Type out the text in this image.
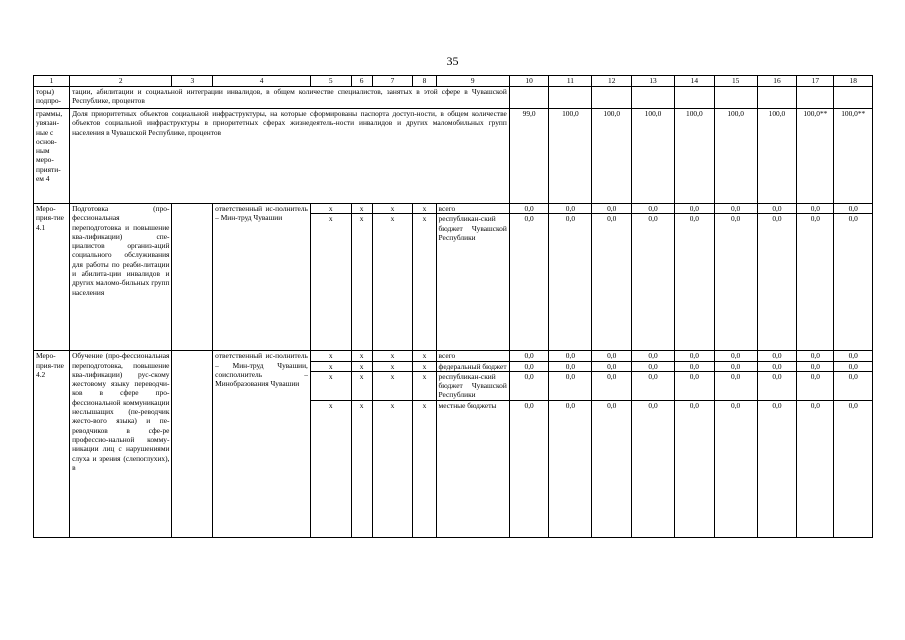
35
1	2	3	4	5	6	7	8	9	10	11	12	13	14	15	16	17	18
торы) подпро-	тации, абилитации и социальной интеграции инвалидов, в общем количестве специалистов, занятых в этой сфере в Чувашской Республике, процентов																
граммы, увязан-ные с основ-ным меро-прияти-ем 4	Доля приоритетных объектов социальной инфраструктуры, на которые сформированы паспорта доступ-ности, в общем количестве объектов социальной инфраструктуры в приоритетных сферах жизнедеятель-ности инвалидов и других маломобильных групп населения в Чувашской Республике, процентов								99,0	100,0	100,0	100,0	100,0	100,0	100,0	100,0**	100,0**
Меро-прия-тие 4.1	Подготовка (про-фессиональная переподготовка и повышение ква-лификации) спе-циалистов организ-аций социального обслуживания для работы по реаби-литации и абилита-ции инвалидов и других маломо-бильных групп населения		ответственный ис-полнитель – Мин-труд Чувашии	x	x	x	x	всего	0,0	0,0	0,0	0,0	0,0	0,0	0,0	0,0	0,0
				x	x	x	x	республикан-ский бюджет Чувашской Республики	0,0	0,0	0,0	0,0	0,0	0,0	0,0	0,0	0,0
Меро-прия-тие 4.2	Обучение (про-фессиональная переподготовка, повышение ква-лификации) рус-скому жестовому языку переводчи-ков в сфере про-фессиональной коммуникации неслышащих (пе-реводчик жесто-вого языка) и пе-реводчиков в сфе-ре профессио-нальной комму-никации лиц с нарушениями слуха и зрения (слепоглухих), в		ответственный ис-полнитель – Мин-труд Чувашии, соисполнитель – Минобразования Чувашии	x	x	x	x	всего	0,0	0,0	0,0	0,0	0,0	0,0	0,0	0,0	0,0
				x	x	x	x	федеральный бюджет	0,0	0,0	0,0	0,0	0,0	0,0	0,0	0,0	0,0
				x	x	x	x	республикан-ский бюджет Чувашской Республики	0,0	0,0	0,0	0,0	0,0	0,0	0,0	0,0	0,0
				x	x	x	x	местные бюджеты	0,0	0,0	0,0	0,0	0,0	0,0	0,0	0,0	0,0
